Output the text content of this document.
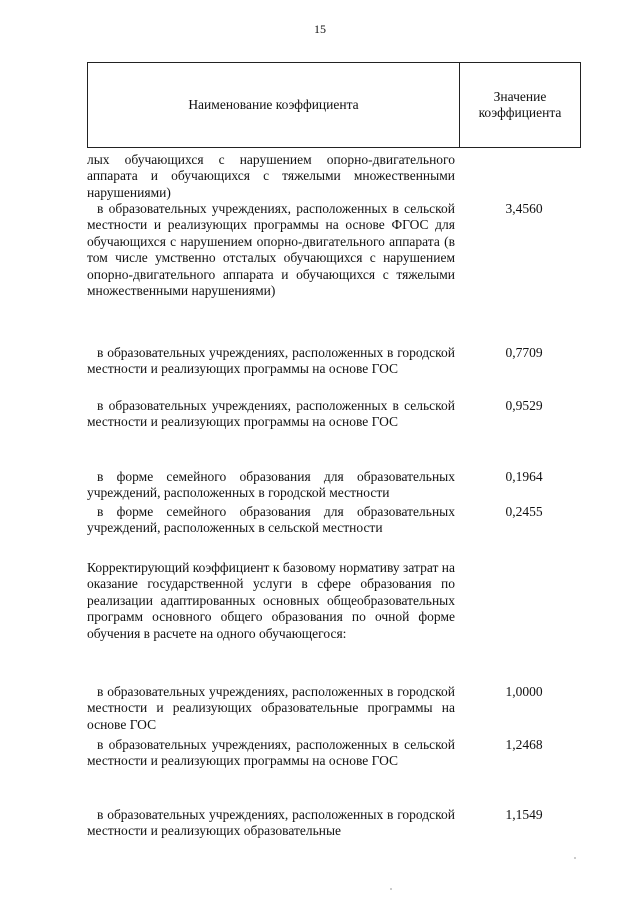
15
Наименование коэффициента
Значение
коэффициента
лых обучающихся с нарушением опорно-двигательного аппарата и обучающихся с тяжелыми множественными нарушениями)
в образовательных учреждениях, расположенных в сельской местности и реализующих программы на основе ФГОС для обучающихся с нарушением опорно-двигательного аппарата (в том числе умственно отсталых обучающихся с нарушением опорно-двигательного аппарата и обучающихся с тяжелыми множественными нарушениями)
3,4560
в образовательных учреждениях, расположенных в городской местности и реализующих программы на основе ГОС
0,7709
в образовательных учреждениях, расположенных в сельской местности и реализующих программы на основе ГОС
0,9529
в форме семейного образования для образовательных учреждений, расположенных в городской местности
0,1964
в форме семейного образования для образовательных учреждений, расположенных в сельской местности
0,2455
Корректирующий коэффициент к базовому нормативу затрат на оказание государственной услуги в сфере образования по реализации адаптированных основных общеобразовательных программ основного общего образования по очной форме обучения в расчете на одного обучающегося:
в образовательных учреждениях, расположенных в городской местности и реализующих образовательные программы на основе ГОС
1,0000
в образовательных учреждениях, расположенных в сельской местности и реализующих программы на основе ГОС
1,2468
в образовательных учреждениях, расположенных в городской местности и реализующих образовательные
1,1549
